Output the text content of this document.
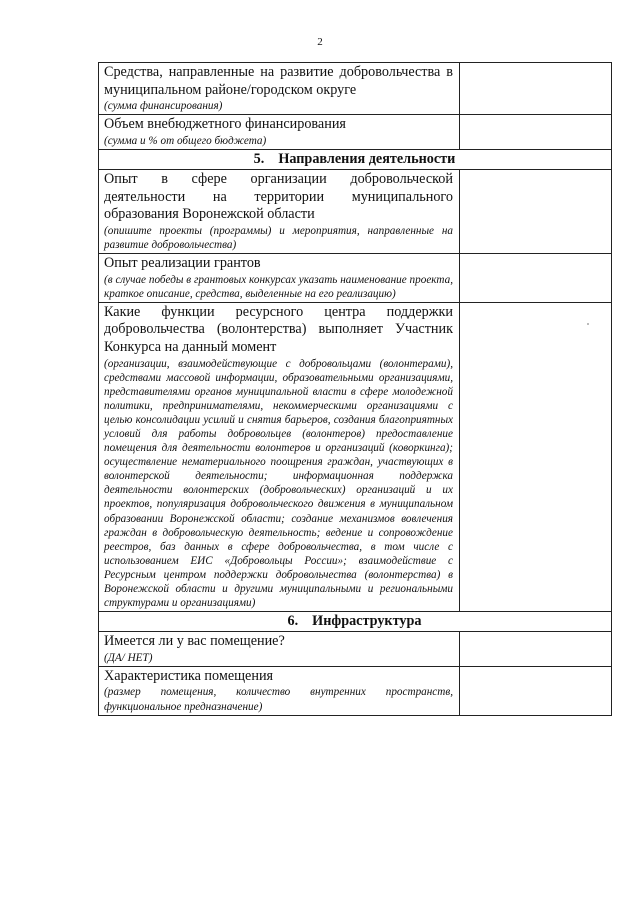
2
Средства, направленные на развитие добровольчества в муниципальном районе/городском округе
(сумма финансирования)	

Объем внебюджетного финансирования
(сумма и % от общего бюджета)	

5. Направления деятельности	

Опыт в сфере организации добровольческой деятельности на территории муниципального образования Воронежской области
(опишите проекты (программы) и мероприятия, направленные на развитие добровольчества)	

Опыт реализации грантов
(в случае победы в грантовых конкурсах указать наименование проекта, краткое описание, средства, выделенные на его реализацию)	

Какие функции ресурсного центра поддержки добровольчества (волонтерства) выполняет Участник Конкурса на данный момент
(организации, взаимодействующие с добровольцами (волонтерами), средствами массовой информации, образовательными организациями, представителями органов муниципальной власти в сфере молодежной политики, предпринимателями, некоммерческими организациями с целью консолидации усилий и снятия барьеров, создания благоприятных условий для работы добровольцев (волонтеров) предоставление помещения для деятельности волонтеров и организаций (коворкинга); осуществление нематериального поощрения граждан, участвующих в волонтерской деятельности; информационная поддержка деятельности волонтерских (добровольческих) организаций и их проектов, популяризация добровольческого движения в муниципальном образовании Воронежской области; создание механизмов вовлечения граждан в добровольческую деятельность; ведение и сопровождение реестров, баз данных в сфере добровольчества, в том числе с использованием ЕИС «Добровольцы России»; взаимодействие с Ресурсным центром поддержки добровольчества (волонтерства) в Воронежской области и другими муниципальными и региональными структурами и организациями)	

6. Инфраструктура	

Имеется ли у вас помещение?
(ДА/ НЕТ)	

Характеристика помещения
(размер помещения, количество внутренних пространств, функциональное предназначение)	
